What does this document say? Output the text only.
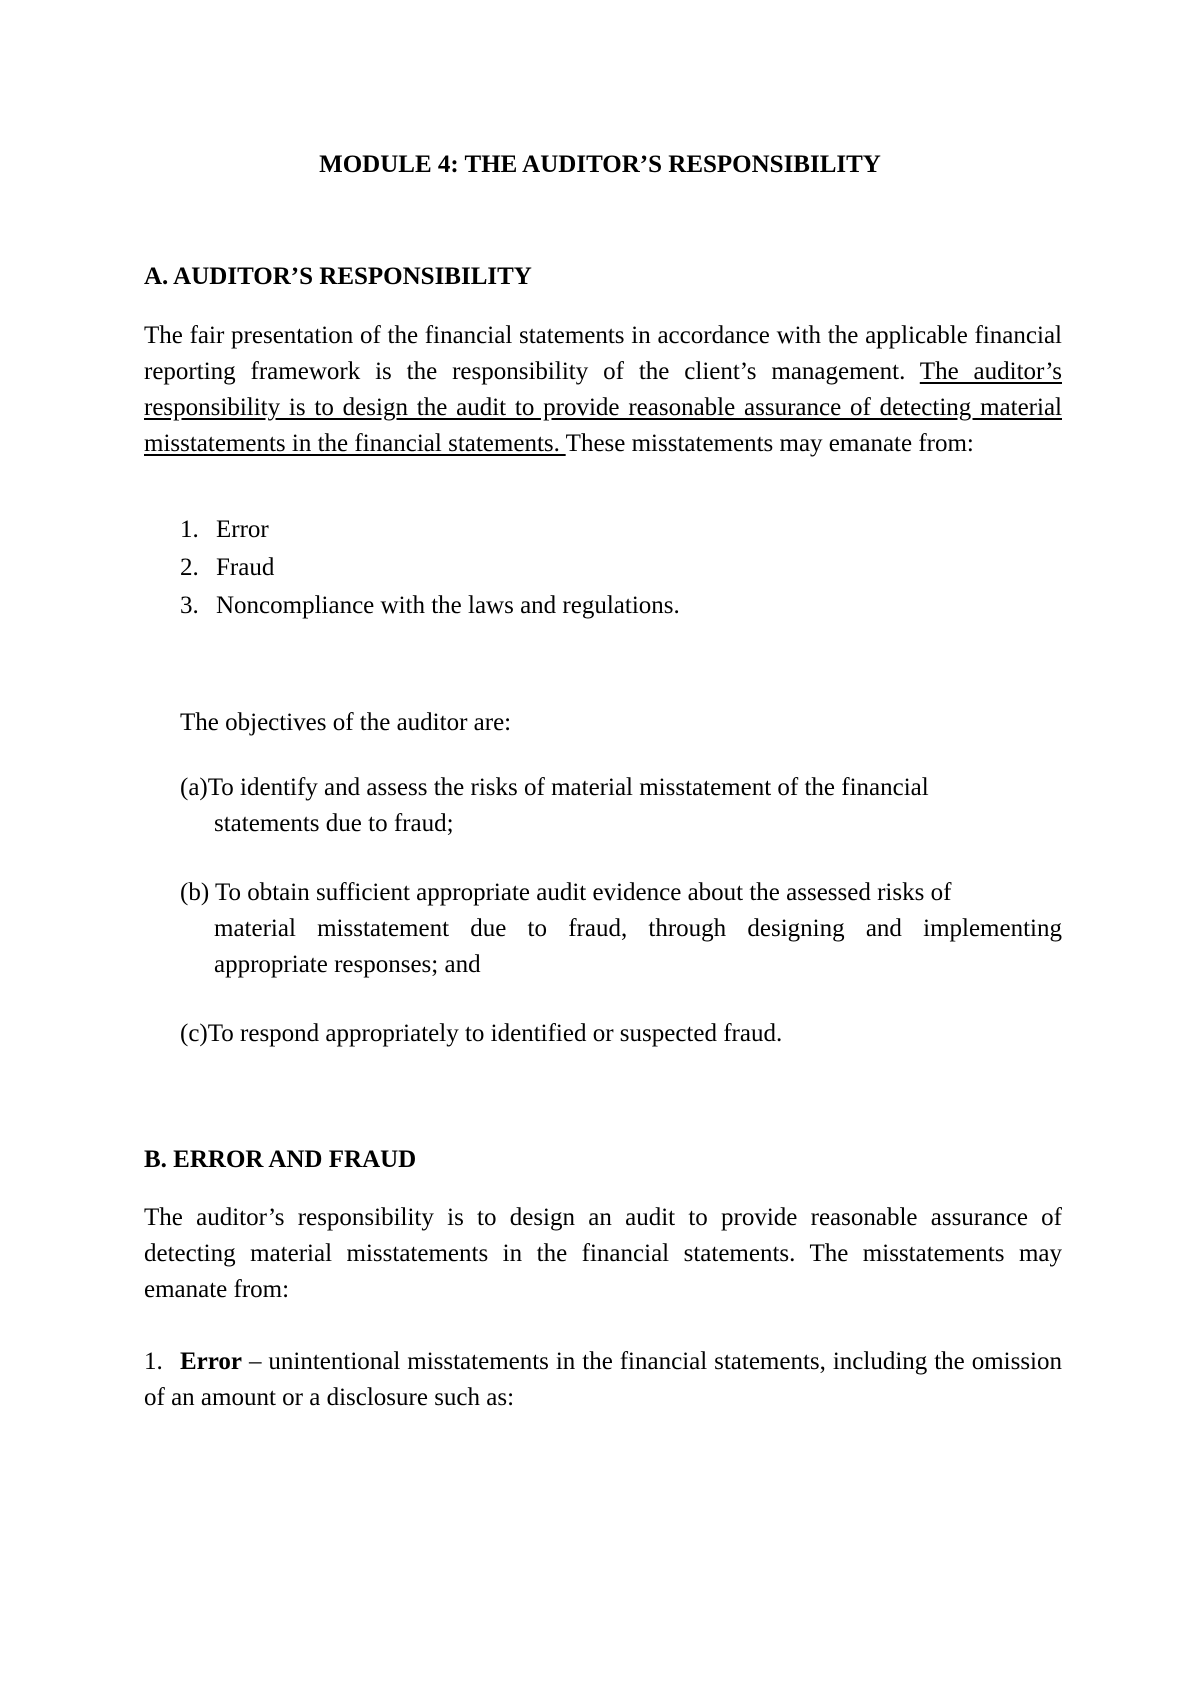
MODULE 4: THE AUDITOR’S RESPONSIBILITY
A. AUDITOR’S RESPONSIBILITY

The fair presentation of the financial statements in accordance with the applicable financial reporting framework is the responsibility of the client’s management. The auditor’s responsibility is to design the audit to provide reasonable assurance of detecting material misstatements in the financial statements. These misstatements may emanate from:

1. Error
2. Fraud
3. Noncompliance with the laws and regulations.

The objectives of the auditor are:

(a)To identify and assess the risks of material misstatement of the financial
statements due to fraud;

(b) To obtain sufficient appropriate audit evidence about the assessed risks of

material misstatement due to fraud, through designing and implementing appropriate responses; and

(c)To respond appropriately to identified or suspected fraud.

B. ERROR AND FRAUD

The auditor’s responsibility is to design an audit to provide reasonable assurance of detecting material misstatements in the financial statements. The misstatements may emanate from:

1. Error – unintentional misstatements in the financial statements, including the omission of an amount or a disclosure such as:
